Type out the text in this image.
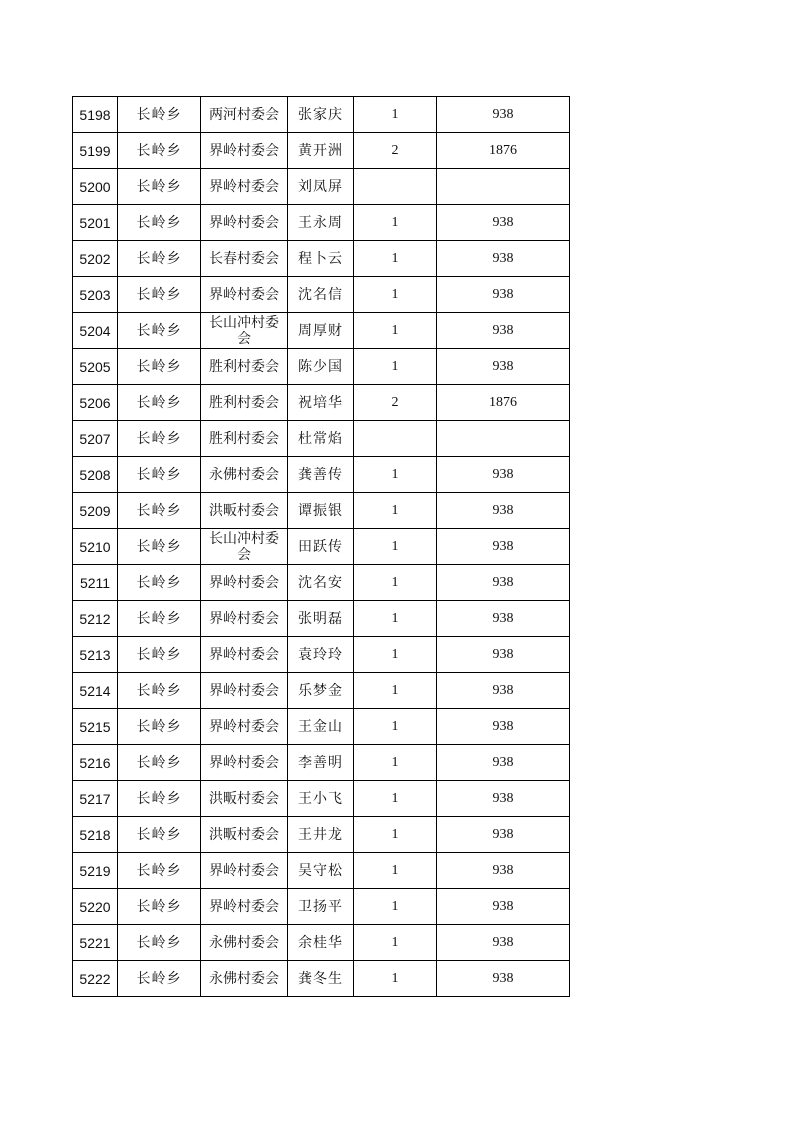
5198	长岭乡	两河村委会	张家庆	1	938
5199	长岭乡	界岭村委会	黄开洲	2	1876
5200	长岭乡	界岭村委会	刘凤屏		
5201	长岭乡	界岭村委会	王永周	1	938
5202	长岭乡	长春村委会	程卜云	1	938
5203	长岭乡	界岭村委会	沈名信	1	938
5204	长岭乡	长山冲村委会	周厚财	1	938
5205	长岭乡	胜利村委会	陈少国	1	938
5206	长岭乡	胜利村委会	祝培华	2	1876
5207	长岭乡	胜利村委会	杜常焰		
5208	长岭乡	永佛村委会	龚善传	1	938
5209	长岭乡	洪畈村委会	谭振银	1	938
5210	长岭乡	长山冲村委会	田跃传	1	938
5211	长岭乡	界岭村委会	沈名安	1	938
5212	长岭乡	界岭村委会	张明磊	1	938
5213	长岭乡	界岭村委会	袁玲玲	1	938
5214	长岭乡	界岭村委会	乐梦金	1	938
5215	长岭乡	界岭村委会	王金山	1	938
5216	长岭乡	界岭村委会	李善明	1	938
5217	长岭乡	洪畈村委会	王小飞	1	938
5218	长岭乡	洪畈村委会	王井龙	1	938
5219	长岭乡	界岭村委会	吴守松	1	938
5220	长岭乡	界岭村委会	卫扬平	1	938
5221	长岭乡	永佛村委会	余桂华	1	938
5222	长岭乡	永佛村委会	龚冬生	1	938
